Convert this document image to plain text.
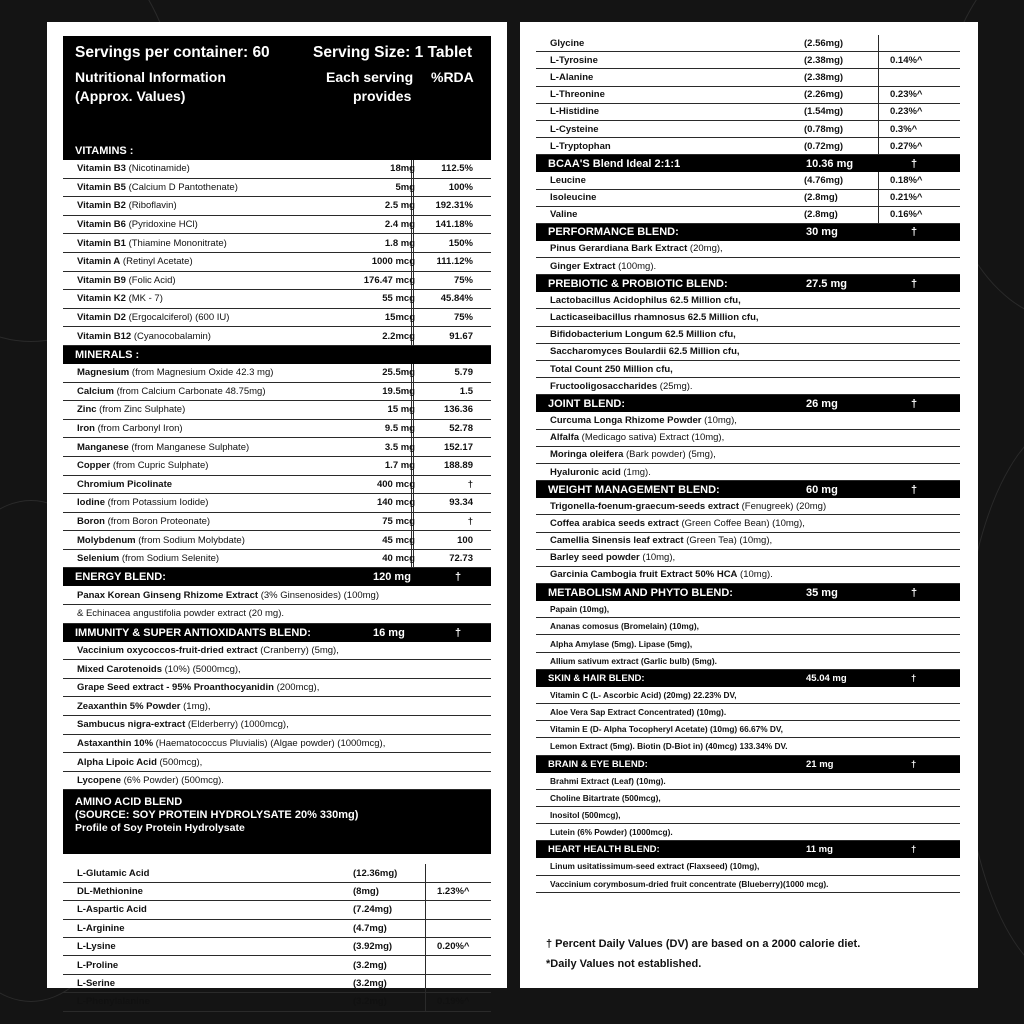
Servings per container: 60	Serving Size: 1 Tablet
Nutritional Information
(Approx. Values)
Each serving
provides
%RDA
VITAMINS :
Vitamin B3 (Nicotinamide)	18mg	112.5%
Vitamin B5 (Calcium D Pantothenate)	5mg	100%
Vitamin B2 (Riboflavin)	2.5 mg 192.31%
Vitamin B6 (Pyridoxine HCl)	2.4 mg 141.18%
Vitamin B1 (Thiamine Mononitrate)	1.8 mg	150%
Vitamin A (Retinyl Acetate)	1000 mcg 111.12%
Vitamin B9 (Folic Acid)	176.47 mcg	75%
Vitamin K2 (MK - 7)	55 mcg	45.84%
Vitamin D2 (Ergocalciferol) (600 IU)	15mcg	75%
Vitamin B12 (Cyanocobalamin)	2.2mcg	91.67
MINERALS :
Magnesium (from Magnesium Oxide 42.3 mg)	25.5mg	5.79
Calcium (from Calcium Carbonate 48.75mg)	19.5mg	1.5
Zinc (from Zinc Sulphate)	15 mg	136.36
Iron (from Carbonyl Iron)	9.5 mg	52.78
Manganese (from Manganese Sulphate)	3.5 mg	152.17
Copper (from Cupric Sulphate)	1.7 mg	188.89
Chromium Picolinate	400 mcg	†
Iodine (from Potassium Iodide)	140 mcg	93.34
Boron (from Boron Proteonate)	75 mcg	†
Molybdenum (from Sodium Molybdate)	45 mcg	100
Selenium (from Sodium Selenite)	40 mcg	72.73
ENERGY BLEND:	120 mg	†
Panax Korean Ginseng Rhizome Extract (3% Ginsenosides) (100mg)
& Echinacea angustifolia powder extract (20 mg).
IMMUNITY & SUPER ANTIOXIDANTS BLEND:	16 mg	†
Vaccinium oxycoccos-fruit-dried extract (Cranberry) (5mg),
Mixed Carotenoids (10%) (5000mcg),
Grape Seed extract - 95% Proanthocyanidin (200mcg),
Zeaxanthin 5% Powder (1mg),
Sambucus nigra-extract (Elderberry) (1000mcg),
Astaxanthin 10% (Haematococcus Pluvialis) (Algae powder) (1000mcg),
Alpha Lipoic Acid (500mcg),
Lycopene (6% Powder) (500mcg).
AMINO ACID BLEND
(SOURCE: SOY PROTEIN HYDROLYSATE 20% 330mg)
Profile of Soy Protein Hydrolysate
L-Glutamic Acid	(12.36mg)
DL-Methionine	(8mg)	1.23%^
L-Aspartic Acid	(7.24mg)
L-Arginine	(4.7mg)
L-Lysine	(3.92mg)	0.20%^
L-Proline	(3.2mg)
L-Serine	(3.2mg)
L-Phenylalanine	(3.2mg)	0.19%^
Glycine	(2.56mg)
L-Tyrosine	(2.38mg)	0.14%^
L-Alanine	(2.38mg)
L-Threonine	(2.26mg)	0.23%^
L-Histidine	(1.54mg)	0.23%^
L-Cysteine	(0.78mg)	0.3%^
L-Tryptophan	(0.72mg)	0.27%^
BCAA'S Blend Ideal 2:1:1	10.36 mg	†
Leucine	(4.76mg)	0.18%^
Isoleucine	(2.8mg)	0.21%^
Valine	(2.8mg)	0.16%^
PERFORMANCE BLEND:	30 mg	†
Pinus Gerardiana Bark Extract (20mg),
Ginger Extract (100mg).
PREBIOTIC & PROBIOTIC BLEND:	27.5 mg	†
Lactobacillus Acidophilus 62.5 Million cfu,
Lacticaseibacillus rhamnosus 62.5 Million cfu,
Bifidobacterium Longum 62.5 Million cfu,
Saccharomyces Boulardii 62.5 Million cfu,
Total Count 250 Million cfu,
Fructooligosaccharides (25mg).
JOINT BLEND:	26 mg	†
Curcuma Longa Rhizome Powder (10mg),
Alfalfa (Medicago sativa) Extract (10mg),
Moringa oleifera (Bark powder) (5mg),
Hyaluronic acid (1mg).
WEIGHT MANAGEMENT BLEND:	60 mg	†
Trigonella-foenum-graecum-seeds extract (Fenugreek) (20mg)
Coffea arabica seeds extract (Green Coffee Bean) (10mg),
Camellia Sinensis leaf extract (Green Tea) (10mg),
Barley seed powder (10mg),
Garcinia Cambogia fruit Extract 50% HCA (10mg).
METABOLISM AND PHYTO BLEND:	35 mg	†
Papain (10mg),
Ananas comosus (Bromelain) (10mg),
Alpha Amylase (5mg). Lipase (5mg),
Allium sativum extract (Garlic bulb) (5mg).
SKIN & HAIR BLEND:	45.04 mg	†
Vitamin C (L- Ascorbic Acid) (20mg) 22.23% DV,
Aloe Vera Sap Extract Concentrated) (10mg).
Vitamin E (D- Alpha Tocopheryl Acetate) (10mg) 66.67% DV,
Lemon Extract (5mg). Biotin (D-Biot in) (40mcg) 133.34% DV.
BRAIN & EYE BLEND:	21 mg	†
Brahmi Extract (Leaf) (10mg).
Choline Bitartrate (500mcg),
Inositol (500mcg),
Lutein (6% Powder) (1000mcg).
HEART HEALTH BLEND:	11 mg	†
Linum usitatissimum-seed extract (Flaxseed) (10mg),
Vaccinium corymbosum-dried fruit concentrate (Blueberry)(1000 mcg).
† Percent Daily Values (DV) are based on a 2000 calorie diet.
*Daily Values not established.
